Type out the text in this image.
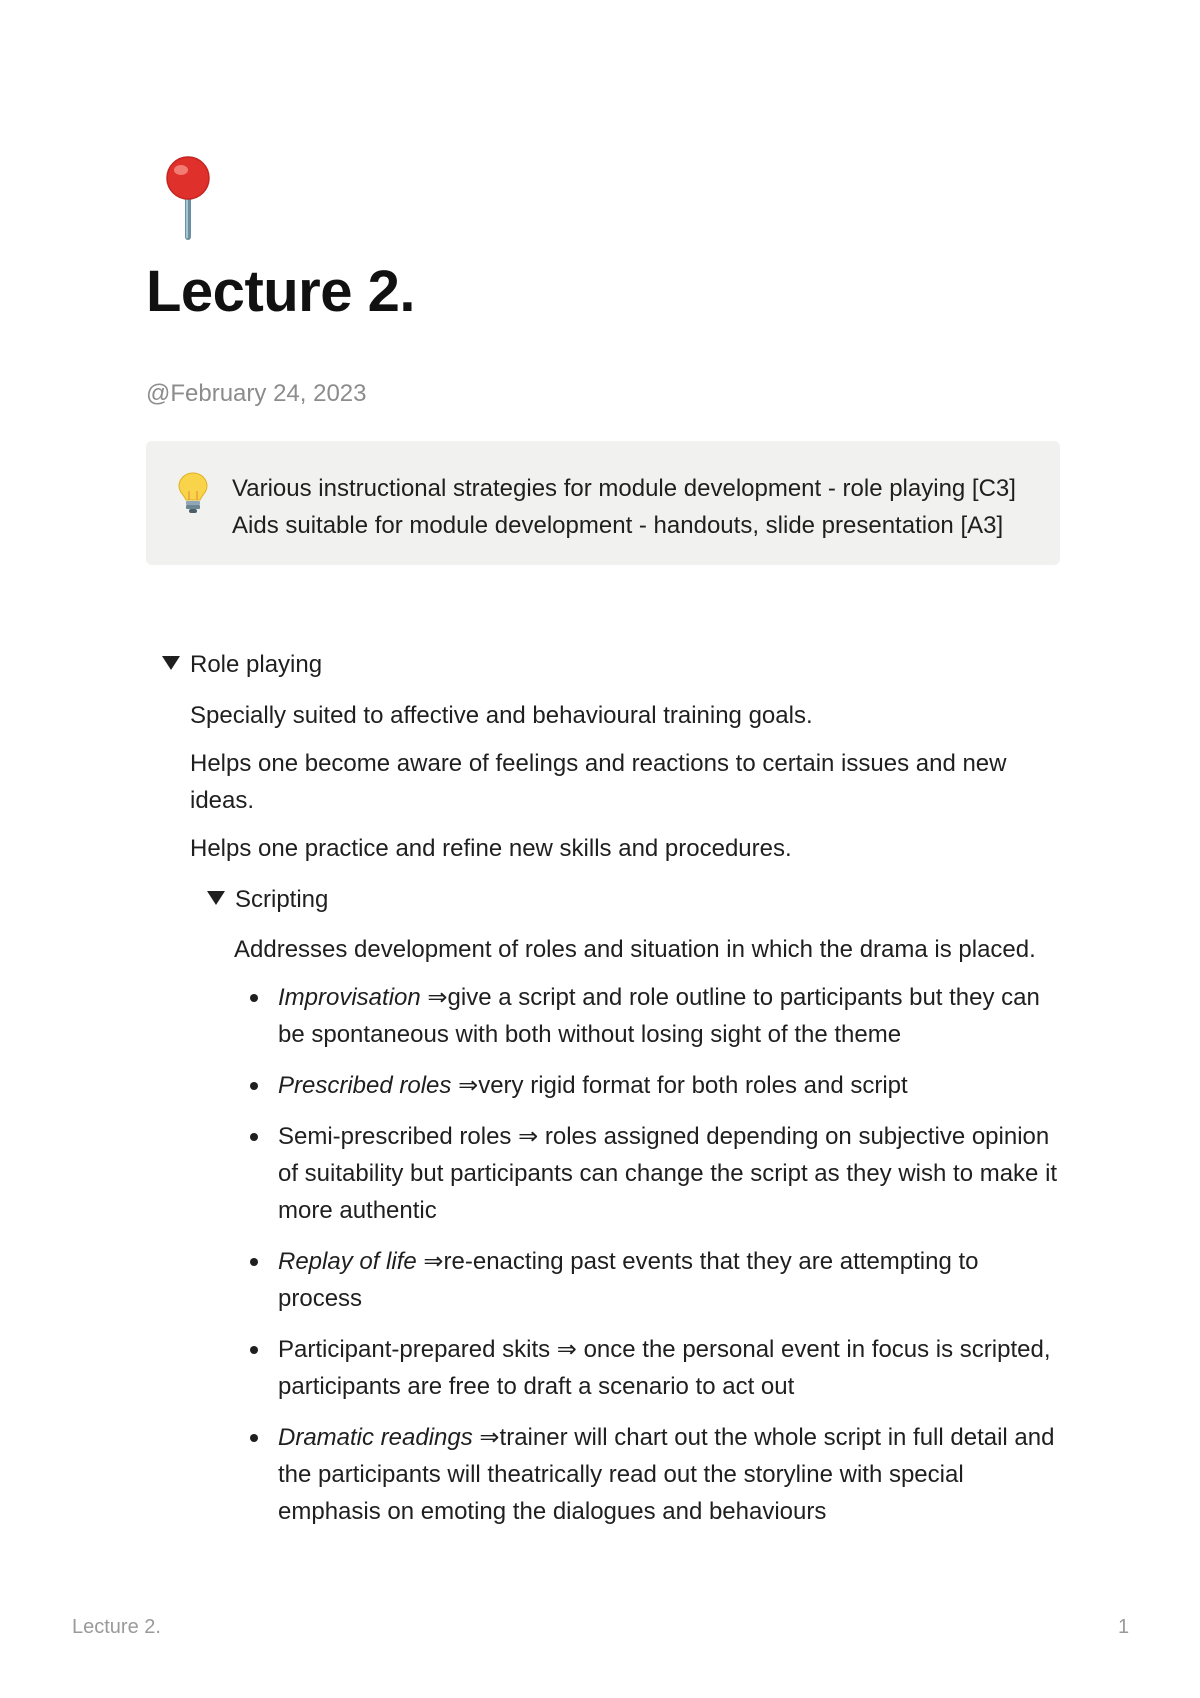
Lecture 2.
@February 24, 2023
Various instructional strategies for module development - role playing [C3]
Aids suitable for module development - handouts, slide presentation [A3]
Role playing
Specially suited to affective and behavioural training goals.
Helps one become aware of feelings and reactions to certain issues and new ideas.
Helps one practice and refine new skills and procedures.
Scripting
Addresses development of roles and situation in which the drama is placed.
Improvisation ⇒give a script and role outline to participants but they can be spontaneous with both without losing sight of the theme
Prescribed roles ⇒very rigid format for both roles and script
Semi-prescribed roles ⇒ roles assigned depending on subjective opinion of suitability but participants can change the script as they wish to make it more authentic
Replay of life ⇒re-enacting past events that they are attempting to process
Participant-prepared skits ⇒ once the personal event in focus is scripted, participants are free to draft a scenario to act out
Dramatic readings ⇒trainer will chart out the whole script in full detail and the participants will theatrically read out the storyline with special emphasis on emoting the dialogues and behaviours
Lecture 2.	1
